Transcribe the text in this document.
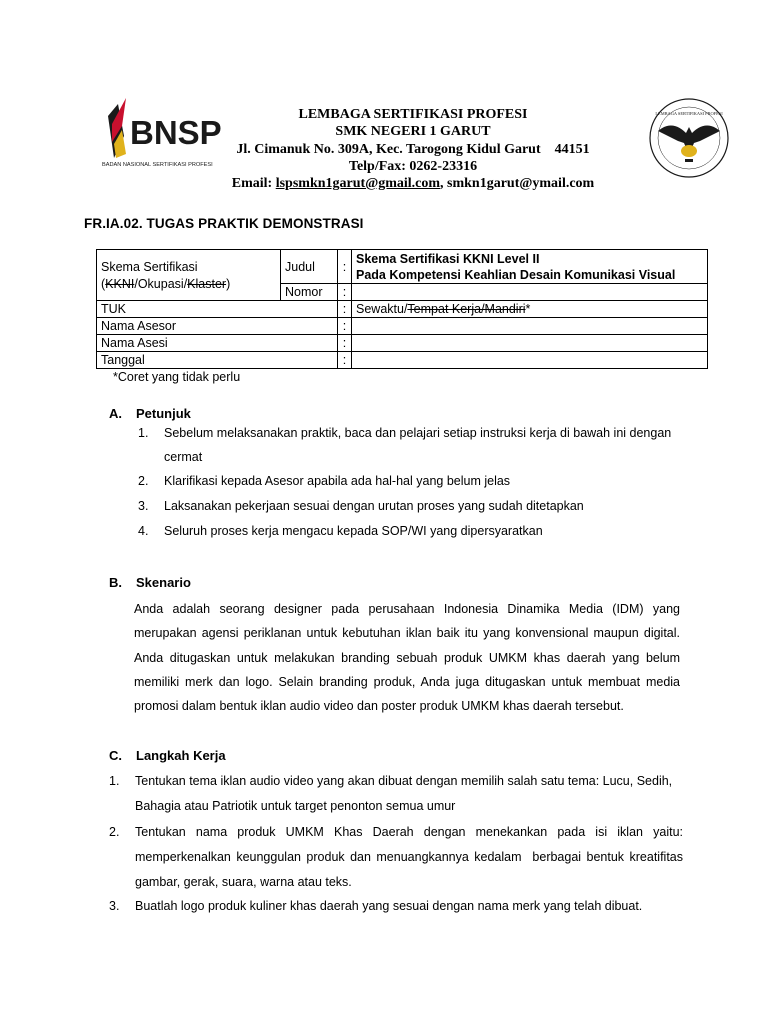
BNSP
BADAN NASIONAL SERTIFIKASI PROFESI
LEMBAGA SERTIFIKASI PROFESI
LEMBAGA SERTIFIKASI PROFESI
SMK NEGERI 1 GARUT
Jl. Cimanuk No. 309A, Kec. Tarogong Kidul Garut    44151
Telp/Fax: 0262-23316
Email: lspsmkn1garut@gmail.com, smkn1garut@ymail.com
FR.IA.02. TUGAS PRAKTIK DEMONSTRASI
Skema Sertifikasi
(KKNI/Okupasi/Klaster)	Judul	:	Skema Sertifikasi KKNI Level II
Pada Kompetensi Keahlian Desain Komunikasi Visual
	Nomor	:	
TUK		:	Sewaktu/Tempat Kerja/Mandiri*
Nama Asesor		:	
Nama Asesi		:	
Tanggal		:	
*Coret yang tidak perlu
A. Petunjuk
1. Sebelum melaksanakan praktik, baca dan pelajari setiap instruksi kerja di bawah ini dengan
cermat
2. Klarifikasi kepada Asesor apabila ada hal-hal yang belum jelas
3. Laksanakan pekerjaan sesuai dengan urutan proses yang sudah ditetapkan
4. Seluruh proses kerja mengacu kepada SOP/WI yang dipersyaratkan
B. Skenario
Anda adalah seorang designer pada perusahaan Indonesia Dinamika Media (IDM) yang
merupakan agensi periklanan untuk kebutuhan iklan baik itu yang konvensional maupun digital.
Anda ditugaskan untuk melakukan branding sebuah produk UMKM khas daerah yang belum
memiliki merk dan logo. Selain branding produk, Anda juga ditugaskan untuk membuat media
promosi dalam bentuk iklan audio video dan poster produk UMKM khas daerah tersebut.
C. Langkah Kerja
1. Tentukan tema iklan audio video yang akan dibuat dengan memilih salah satu tema: Lucu, Sedih,
Bahagia atau Patriotik untuk target penonton semua umur
2. Tentukan nama produk UMKM Khas Daerah dengan menekankan pada isi iklan yaitu:
memperkenalkan keunggulan produk dan menuangkannya kedalam  berbagai bentuk kreatifitas
gambar, gerak, suara, warna atau teks.
3. Buatlah logo produk kuliner khas daerah yang sesuai dengan nama merk yang telah dibuat.
